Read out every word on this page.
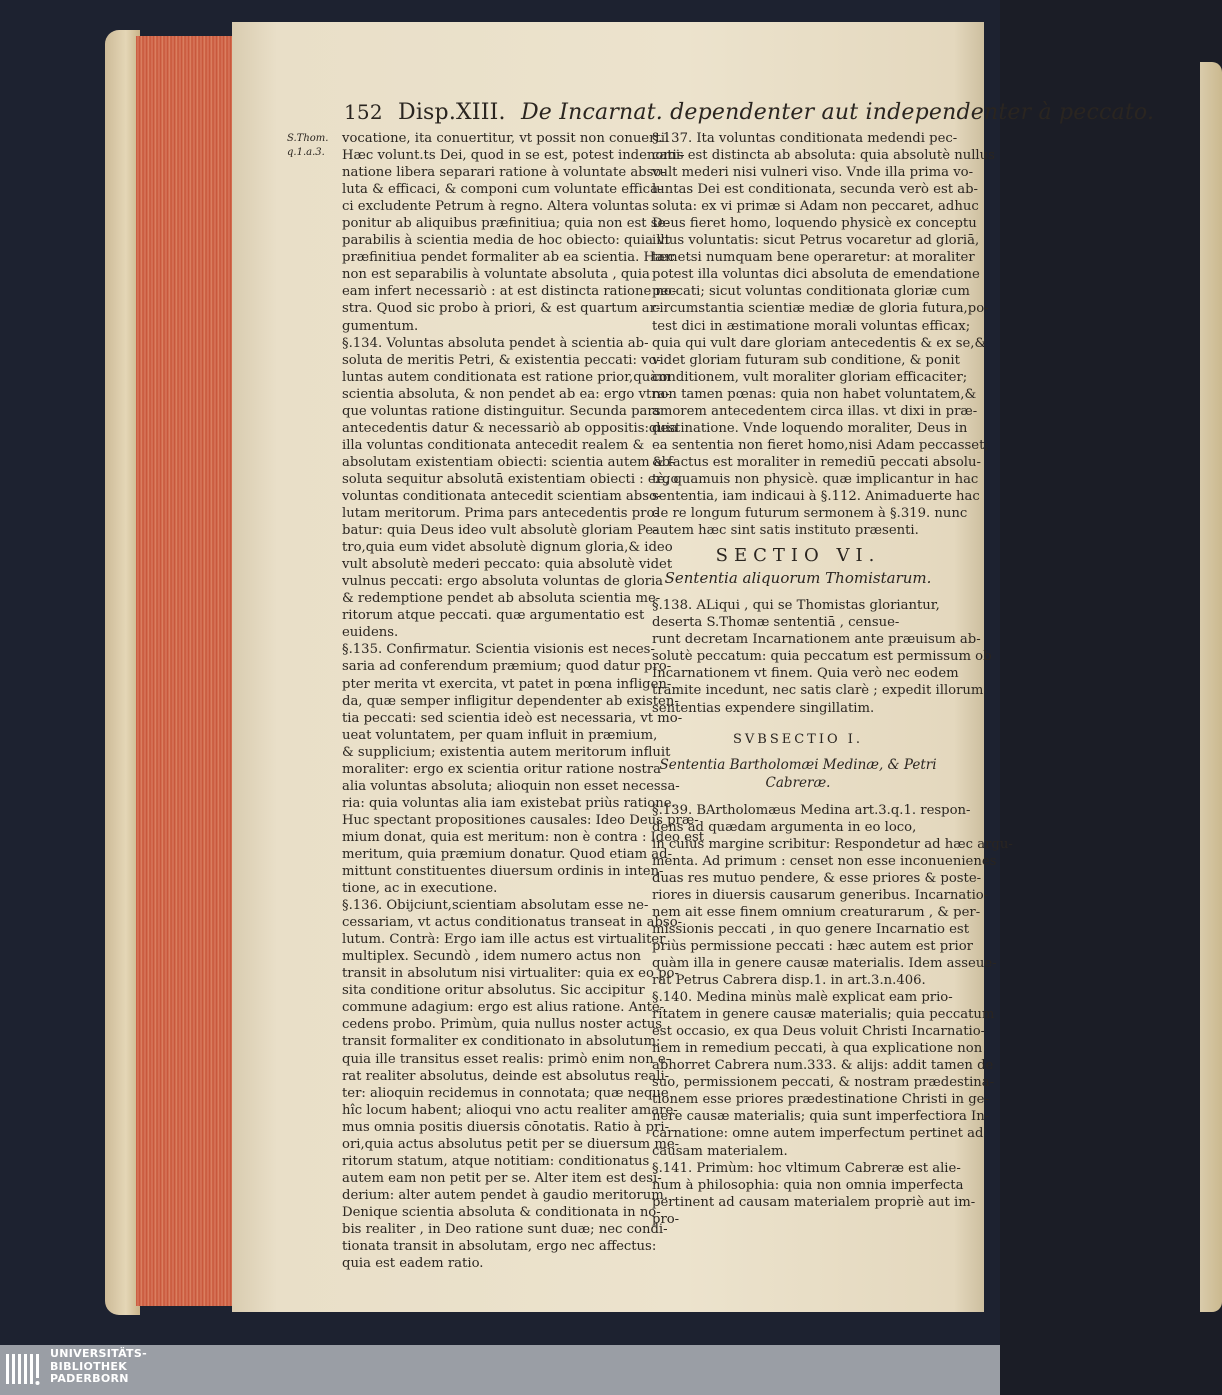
152 Disp.XIII. De Incarnat. dependenter aut independenter à peccato.
S.Thom. q.1.a.3.
vocatione, ita conuertitur, vt possit non conuerti.
Hæc volunt.ts Dei, quod in se est, potest indenomi-
natione libera separari ratione à voluntate abso-
luta & efficaci, & componi cum voluntate effica-
ci excludente Petrum à regno. Altera voluntas
ponitur ab aliquibus præfinitiua; quia non est se-
parabilis à scientia media de hoc obiecto: quia vt
præfinitiua pendet formaliter ab ea scientia. Hæc
non est separabilis à voluntate absoluta , quia
eam infert necessariò : at est distincta ratione no-
stra. Quod sic probo à priori, & est quartum ar-
gumentum.
§.134. Voluntas absoluta pendet à scientia ab-
soluta de meritis Petri, & existentia peccati: vo-
luntas autem conditionata est ratione prior,quàm
scientia absoluta, & non pendet ab ea: ergo vtra-
que voluntas ratione distinguitur. Secunda pars
antecedentis datur & necessariò ab oppositis:quia
illa voluntas conditionata antecedit realem &
absolutam existentiam obiecti: scientia autem ab-
soluta sequitur absolutā existentiam obiecti : ergo
voluntas conditionata antecedit scientiam abso-
lutam meritorum. Prima pars antecedentis pro-
batur: quia Deus ideo vult absolutè gloriam Pe-
tro,quia eum videt absolutè dignum gloria,& ideo
vult absolutè mederi peccato: quia absolutè videt
vulnus peccati: ergo absoluta voluntas de gloria
& redemptione pendet ab absoluta scientia me-
ritorum atque peccati. quæ argumentatio est
euidens.
§.135. Confirmatur. Scientia visionis est neces-
saria ad conferendum præmium; quod datur pro-
pter merita vt exercita, vt patet in pœna infligen-
da, quæ semper infligitur dependenter ab existen-
tia peccati: sed scientia ideò est necessaria, vt mo-
ueat voluntatem, per quam influit in præmium,
& supplicium; existentia autem meritorum influit
moraliter: ergo ex scientia oritur ratione nostra
alia voluntas absoluta; alioquin non esset necessa-
ria: quia voluntas alia iam existebat priùs ratione.
Huc spectant propositiones causales: Ideo Deus præ-
mium donat, quia est meritum: non è contra : Ideo est
meritum, quia præmium donatur. Quod etiam ad-
mittunt constituentes diuersum ordinis in inten-
tione, ac in executione.
§.136. Obijciunt,scientiam absolutam esse ne-
cessariam, vt actus conditionatus transeat in abso-
lutum. Contrà: Ergo iam ille actus est virtualiter
multiplex. Secundò , idem numero actus non
transit in absolutum nisi virtualiter: quia ex eo po-
sita conditione oritur absolutus. Sic accipitur
commune adagium: ergo est alius ratione. Ante-
cedens probo. Primùm, quia nullus noster actus
transit formaliter ex conditionato in absolutum:
quia ille transitus esset realis: primò enim non e-
rat realiter absolutus, deinde est absolutus reali-
ter: alioquin recidemus in connotata; quæ neque
hîc locum habent; alioqui vno actu realiter amare-
mus omnia positis diuersis cōnotatis. Ratio à pri-
ori,quia actus absolutus petit per se diuersum me-
ritorum statum, atque notitiam: conditionatus
autem eam non petit per se. Alter item est desi-
derium: alter autem pendet à gaudio meritorum.
Denique scientia absoluta & conditionata in no-
bis realiter , in Deo ratione sunt duæ; nec condi-
tionata transit in absolutam, ergo nec affectus:
quia est eadem ratio.
§.137. Ita voluntas conditionata medendi pec-
catis est distincta ab absoluta: quia absolutè nullus
vult mederi nisi vulneri viso. Vnde illa prima vo-
luntas Dei est conditionata, secunda verò est ab-
soluta: ex vi primæ si Adam non peccaret, adhuc
Deus fieret homo, loquendo physicè ex conceptu
illius voluntatis: sicut Petrus vocaretur ad gloriā,
tametsi numquam bene operaretur: at moraliter
potest illa voluntas dici absoluta de emendatione
peccati; sicut voluntas conditionata gloriæ cum
circumstantia scientiæ mediæ de gloria futura,po-
test dici in æstimatione morali voluntas efficax;
quia qui vult dare gloriam antecedentis & ex se,&
videt gloriam futuram sub conditione, & ponit
conditionem, vult moraliter gloriam efficaciter;
non tamen pœnas: quia non habet voluntatem,&
amorem antecedentem circa illas. vt dixi in præ-
destinatione. Vnde loquendo moraliter, Deus in
ea sententia non fieret homo,nisi Adam peccasset;
& factus est moraliter in remediū peccati absolu-
tè, quamuis non physicè. quæ implicantur in hac
sententia, iam indicaui à §.112. Animaduerte hac
de re longum futurum sermonem à §.319. nunc
autem hæc sint satis instituto præsenti.
SECTIO VI.
Sententia aliquorum Thomistarum.
§.138. ALiqui , qui se Thomistas gloriantur,
deserta S.Thomæ sententiā , censue-
runt decretam Incarnationem ante præuisum ab-
solutè peccatum: quia peccatum est permissum ob
Incarnationem vt finem. Quia verò nec eodem
tramite incedunt, nec satis clarè ; expedit illorum
sententias expendere singillatim.
SVBSECTIO I.
Sententia Bartholomæi Medinæ, & Petri Cabreræ.
§.139. BArtholomæus Medina art.3.q.1. respon-
dens ad quædam argumenta in eo loco,
in cuius margine scribitur: Respondetur ad hæc argu-
menta. Ad primum : censet non esse inconuenienes
duas res mutuo pendere, & esse priores & poste-
riores in diuersis causarum generibus. Incarnatio-
nem ait esse finem omnium creaturarum , & per-
missionis peccati , in quo genere Incarnatio est
priùs permissione peccati : hæc autem est prior
quàm illa in genere causæ materialis. Idem asseue-
rat Petrus Cabrera disp.1. in art.3.n.406.
§.140. Medina minùs malè explicat eam prio-
ritatem in genere causæ materialis; quia peccatum
est occasio, ex qua Deus voluit Christi Incarnatio-
nem in remedium peccati, à qua explicatione non
abhorret Cabrera num.333. & alijs: addit tamen de
suo, permissionem peccati, & nostram prædestina-
tionem esse priores prædestinatione Christi in ge-
nere causæ materialis; quia sunt imperfectiora In-
carnatione: omne autem imperfectum pertinet ad
causam materialem.
§.141. Primùm: hoc vltimum Cabreræ est alie-
num à philosophia: quia non omnia imperfecta
pertinent ad causam materialem propriè aut im-
pro-
UNIVERSITÄTS-
BIBLIOTHEK
PADERBORN
